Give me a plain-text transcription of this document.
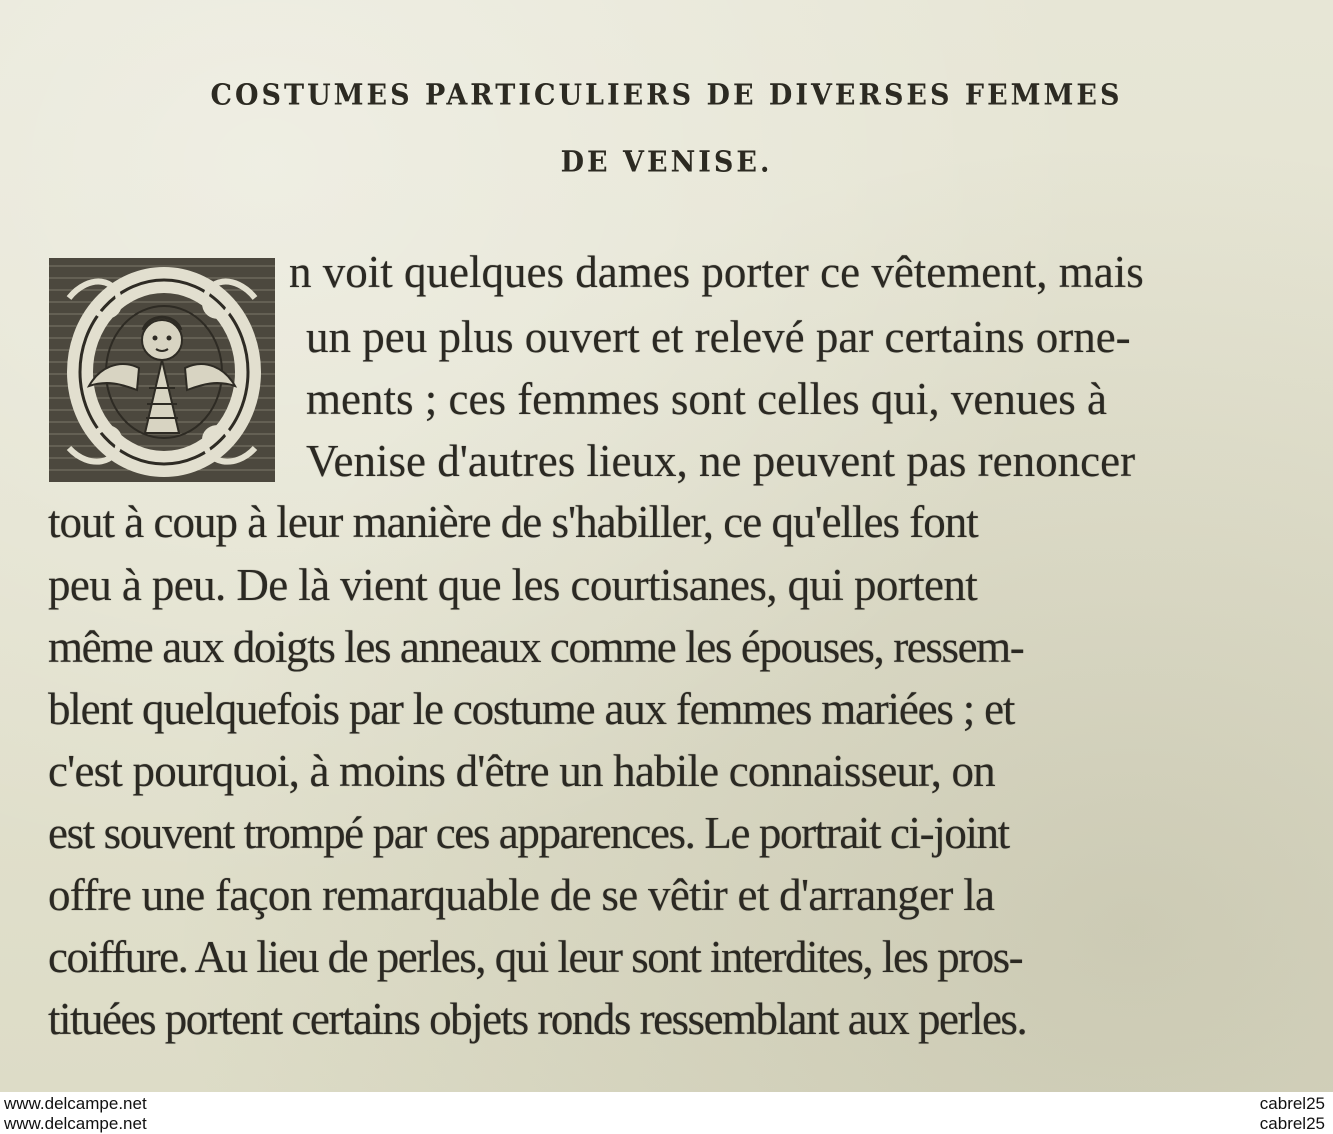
COSTUMES PARTICULIERS DE DIVERSES FEMMES
DE VENISE.
n voit quelques dames porter ce vêtement, mais
un peu plus ouvert et relevé par certains orne-
ments ; ces femmes sont celles qui, venues à
Venise d'autres lieux, ne peuvent pas renoncer
tout à coup à leur manière de s'habiller, ce qu'elles font
peu à peu. De là vient que les courtisanes, qui portent
même aux doigts les anneaux comme les épouses, ressem-
blent quelquefois par le costume aux femmes mariées ; et
c'est pourquoi, à moins d'être un habile connaisseur, on
est souvent trompé par ces apparences. Le portrait ci-joint
offre une façon remarquable de se vêtir et d'arranger la
coiffure. Au lieu de perles, qui leur sont interdites, les pros-
tituées portent certains objets ronds ressemblant aux perles.
www.delcampe.net
www.delcampe.net
cabrel25
cabrel25
